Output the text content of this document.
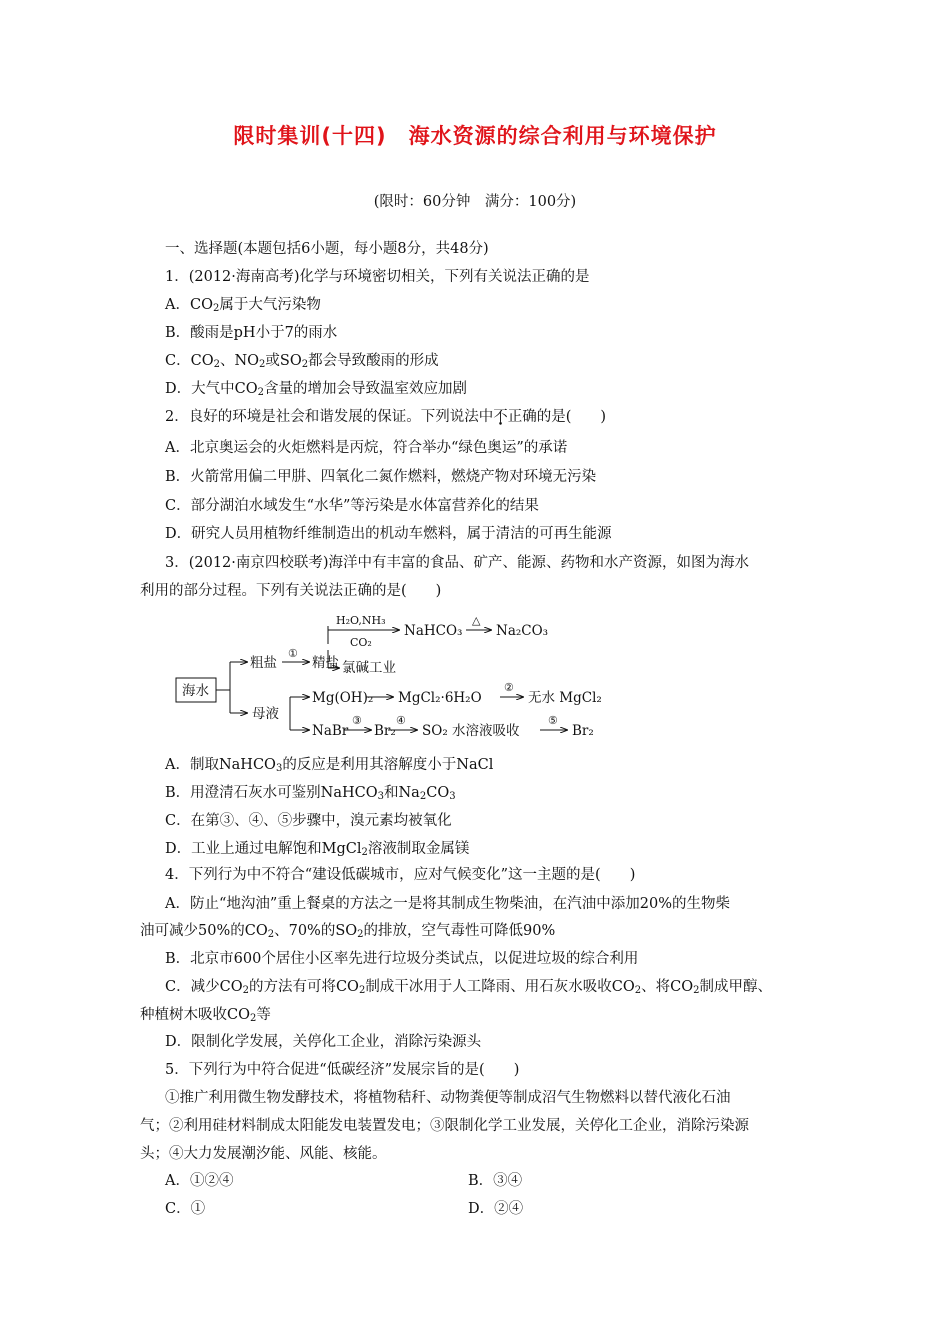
限时集训(十四) 海水资源的综合利用与环境保护
(限时：60分钟　满分：100分)
一、选择题(本题包括6小题，每小题8分，共48分)
1．(2012·海南高考)化学与环境密切相关，下列有关说法正确的是
A．$CO_2$属于大气污染物
B．酸雨是pH小于7的雨水
C．$CO_2$、$NO_2$或$SO_2$都会导致酸雨的形成
D．大气中$CO_2$含量的增加会导致温室效应加剧
2．良好的环境是社会和谐发展的保证。下列说法中不正确的是(　　)
A．北京奥运会的火炬燃料是丙烷，符合举办“绿色奥运”的承诺
B．火箭常用偏二甲肼、四氧化二氮作燃料，燃烧产物对环境无污染
C．部分湖泊水域发生“水华”等污染是水体富营养化的结果
D．研究人员用植物纤维制造出的机动车燃料，属于清洁的可再生能源
3．(2012·南京四校联考)海洋中有丰富的食品、矿产、能源、药物和水产资源，如图为海水
利用的部分过程。下列有关说法正确的是(　　)
海水
粗盐
①
精盐 氯碱工业
H₂O,NH₃
CO₂
NaHCO₃
△
Na₂CO₃
母液
Mg(OH)₂ MgCl₂·6H₂O
②
无水 MgCl₂
NaBr
③
Br₂
④
SO₂ 水溶液吸收
⑤
Br₂
A．制取NaHCO$_3$的反应是利用其溶解度小于NaCl
B．用澄清石灰水可鉴别NaHCO$_3$和$Na_2CO_3$
C．在第③、④、⑤步骤中，溴元素均被氧化
D．工业上通过电解饱和MgCl$_2$溶液制取金属镁
4．下列行为中不符合“建设低碳城市，应对气候变化”这一主题的是(　　)
A．防止“地沟油”重上餐桌的方法之一是将其制成生物柴油，在汽油中添加20%的生物柴
油可减少50%的$CO_2$、70%的$SO_2$的排放，空气毒性可降低90%
B．北京市600个居住小区率先进行垃圾分类试点，以促进垃圾的综合利用
C．减少$CO_2$的方法有可将$CO_2$制成干冰用于人工降雨、用石灰水吸收$CO_2$、将$CO_2$制成甲醇、
种植树木吸收$CO_2$等
D．限制化学发展，关停化工企业，消除污染源头
5．下列行为中符合促进“低碳经济”发展宗旨的是(　　)
①推广利用微生物发酵技术，将植物秸秆、动物粪便等制成沼气生物燃料以替代液化石油
气；②利用硅材料制成太阳能发电装置发电；③限制化学工业发展，关停化工企业，消除污染源
头；④大力发展潮汐能、风能、核能。
A．①②④	B．③④
C．①	D．②④
